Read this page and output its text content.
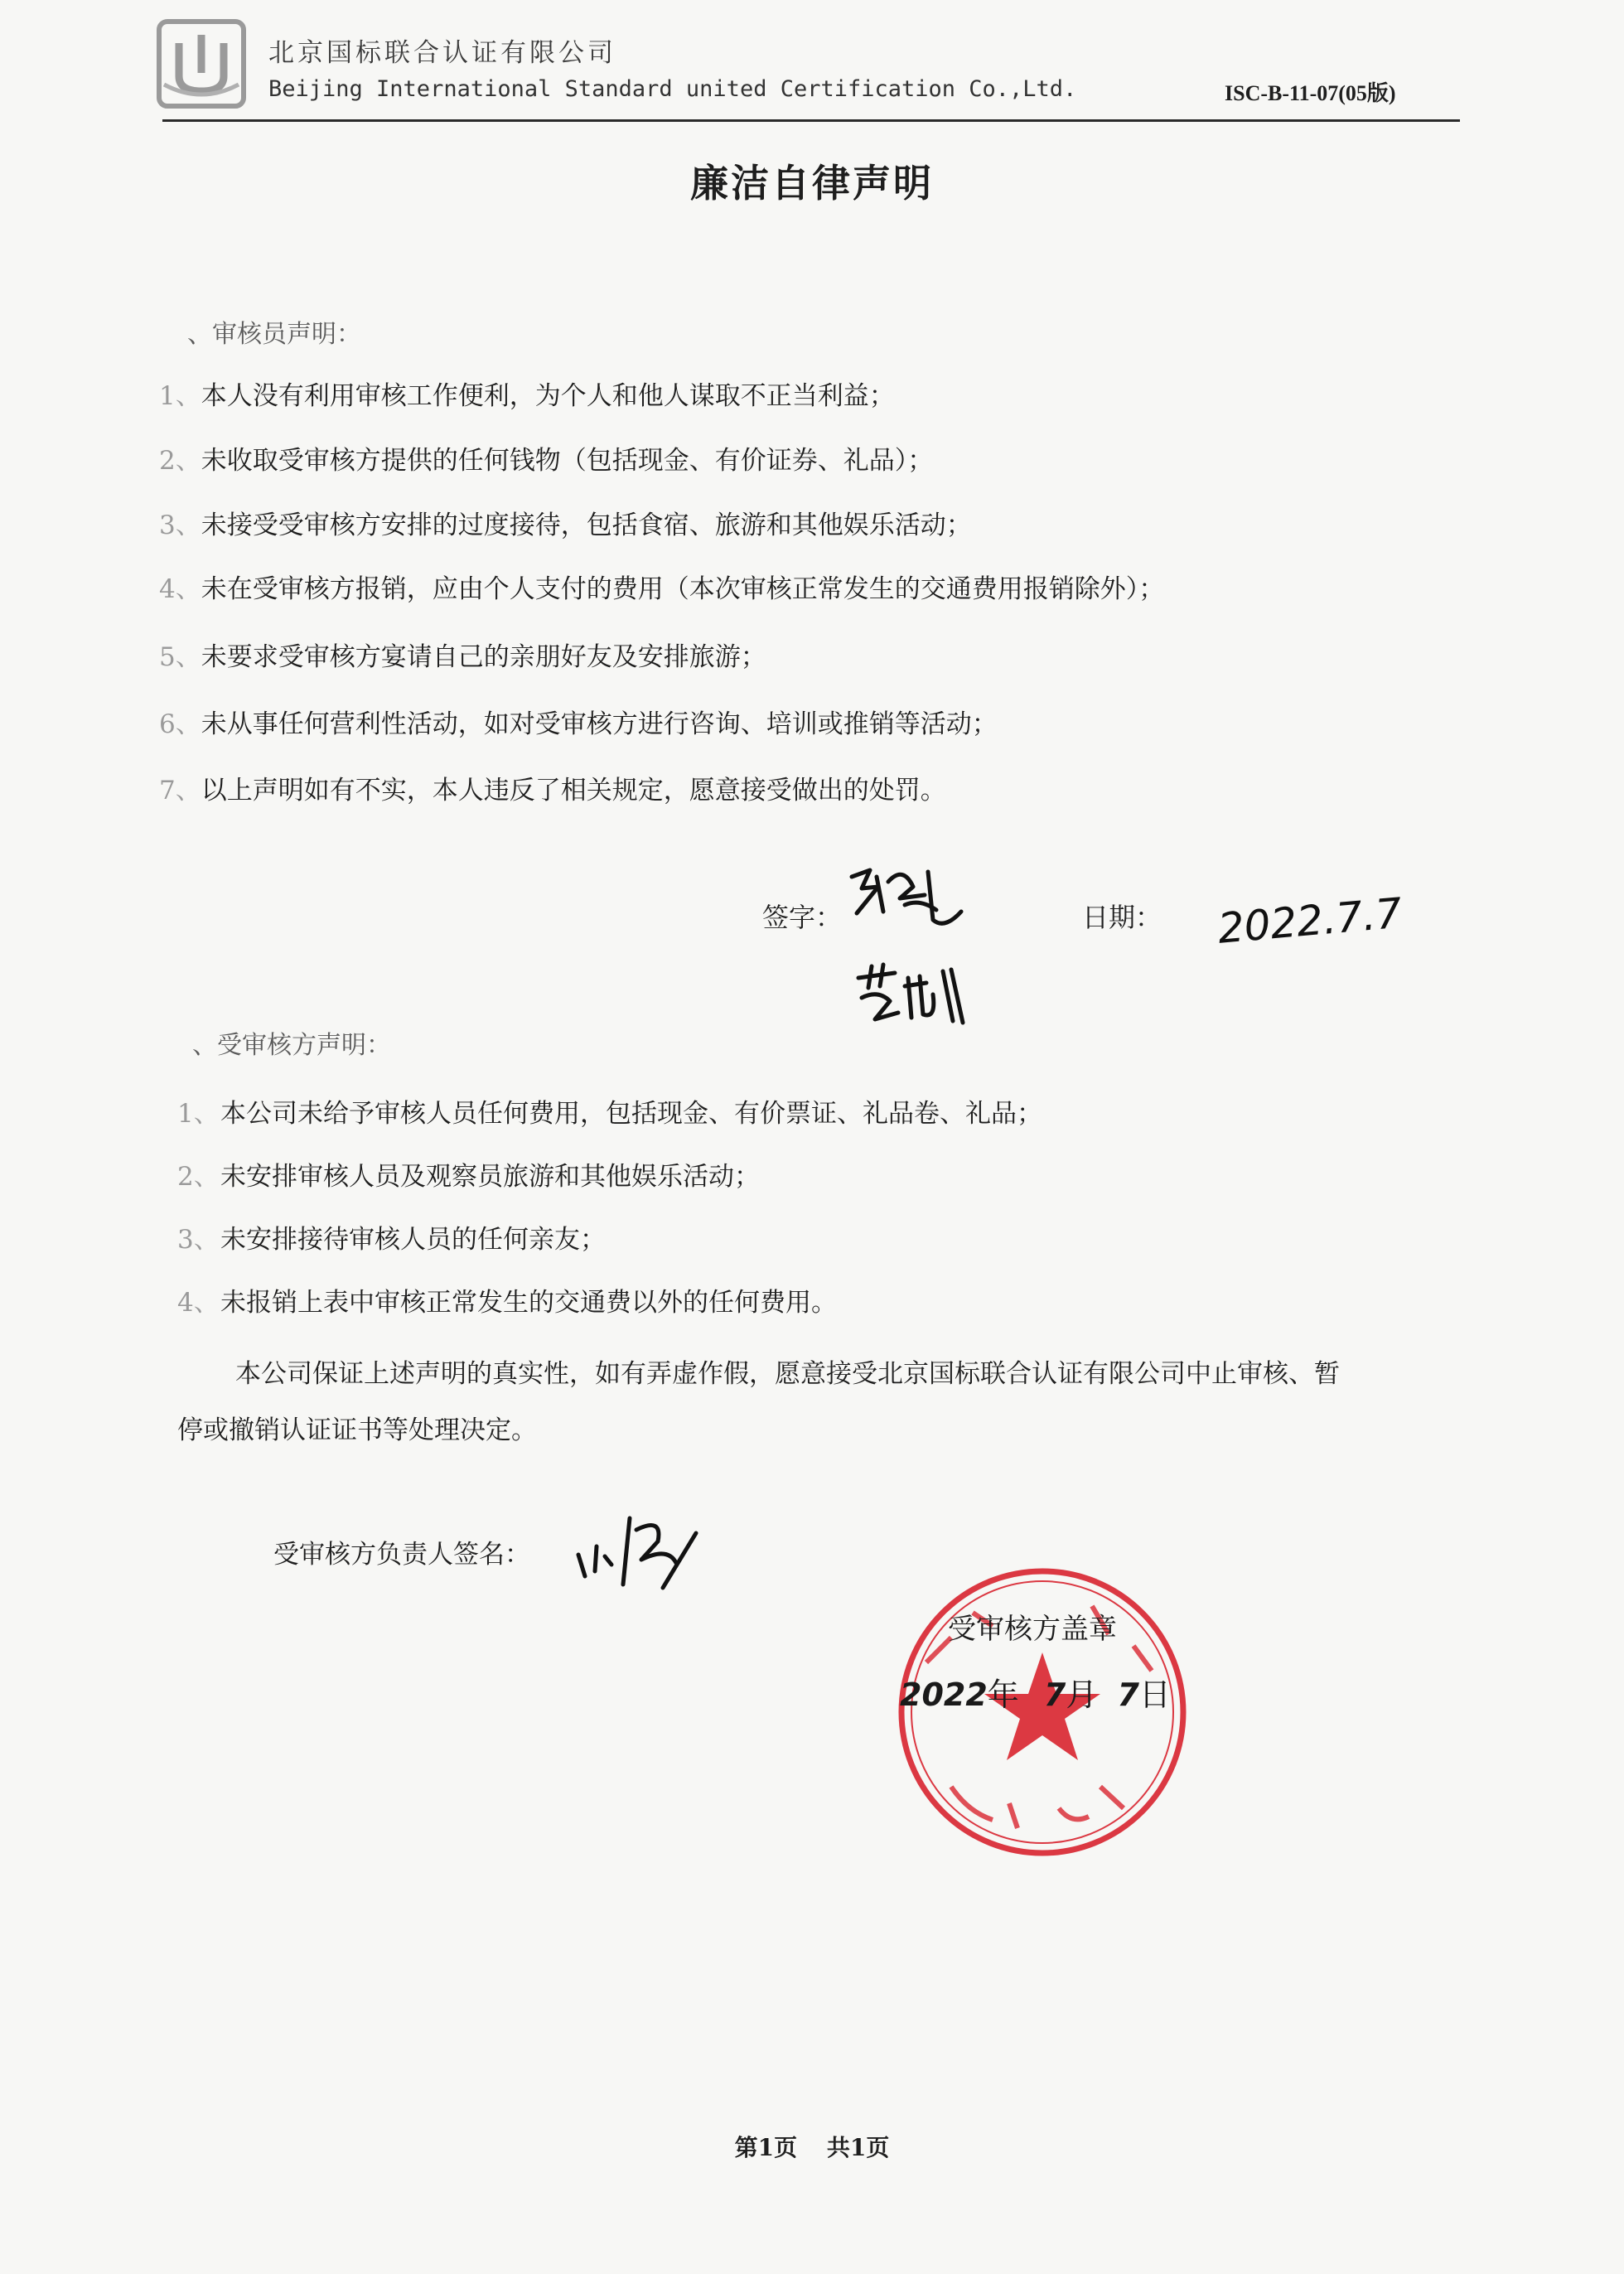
北京国标联合认证有限公司
Beijing International Standard united Certification Co.,Ltd.	ISC-B-11-07(05版)
廉洁自律声明
、审核员声明：
1、本人没有利用审核工作便利，为个人和他人谋取不正当利益；
2、未收取受审核方提供的任何钱物（包括现金、有价证券、礼品）；
3、未接受受审核方安排的过度接待，包括食宿、旅游和其他娱乐活动；
4、未在受审核方报销，应由个人支付的费用（本次审核正常发生的交通费用报销除外）；
5、未要求受审核方宴请自己的亲朋好友及安排旅游；
6、未从事任何营利性活动，如对受审核方进行咨询、培训或推销等活动；
7、以上声明如有不实，本人违反了相关规定，愿意接受做出的处罚。
签字：	日期： 2022.7.7
、受审核方声明：
1、本公司未给予审核人员任何费用，包括现金、有价票证、礼品卷、礼品；
2、未安排审核人员及观察员旅游和其他娱乐活动；
3、未安排接待审核人员的任何亲友；
4、未报销上表中审核正常发生的交通费以外的任何费用。
本公司保证上述声明的真实性，如有弄虚作假，愿意接受北京国标联合认证有限公司中止审核、暂
停或撤销认证证书等处理决定。
受审核方负责人签名：
受审核方盖章
2022年 7月 7日
第1页 共1页
